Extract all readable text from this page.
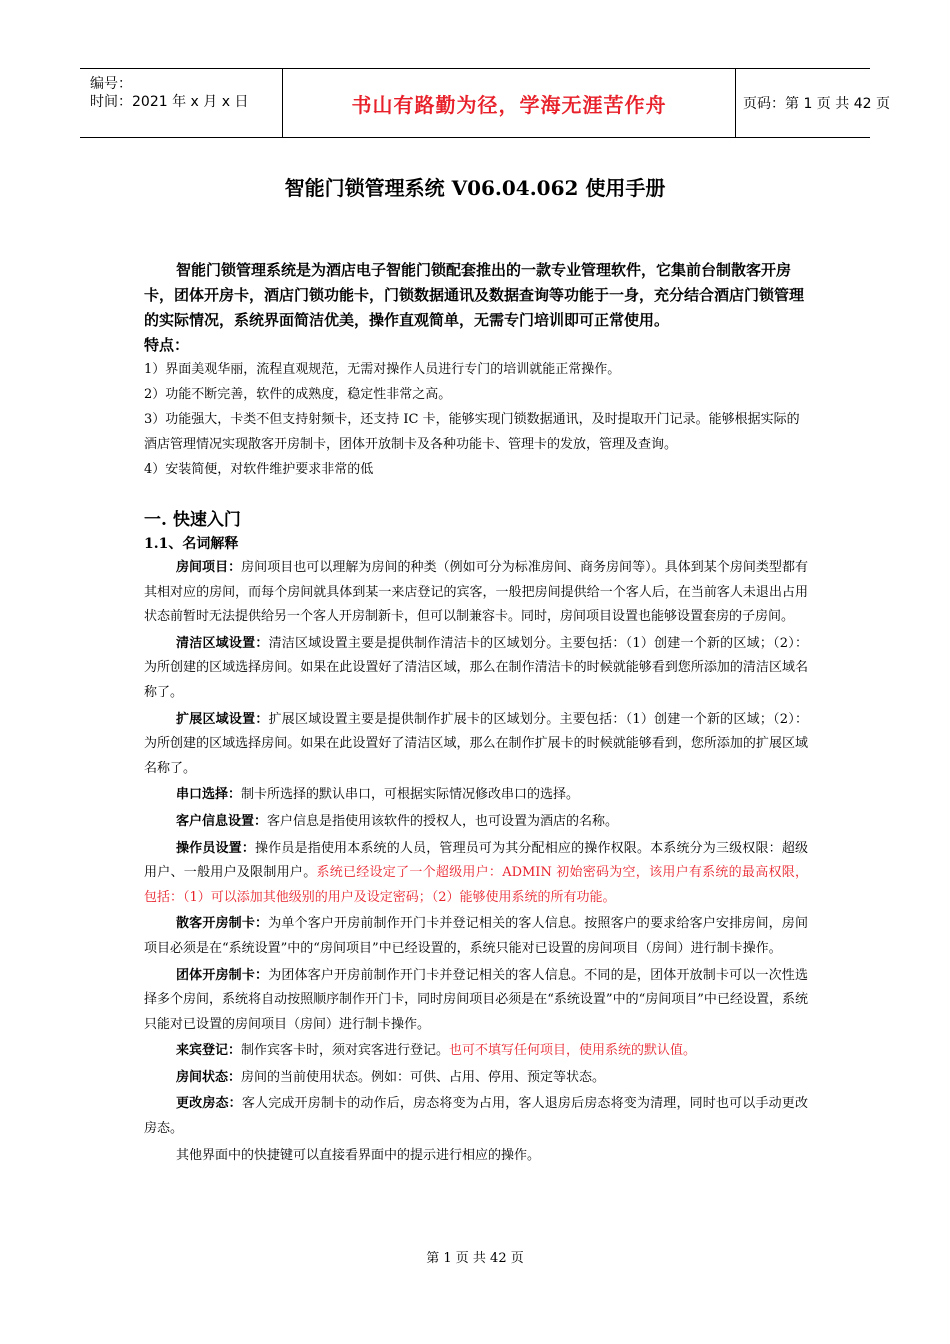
编号：
时间：2021 年 x 月 x 日	书山有路勤为径，学海无涯苦作舟	页码：第 1 页 共 42 页
智能门锁管理系统 V06.04.062 使用手册

智能门锁管理系统是为酒店电子智能门锁配套推出的一款专业管理软件，它集前台制散客开房卡，团体开房卡，酒店门锁功能卡，门锁数据通讯及数据查询等功能于一身，充分结合酒店门锁管理的实际情况，系统界面简洁优美，操作直观简单，无需专门培训即可正常使用。

特点：

1）界面美观华丽，流程直观规范，无需对操作人员进行专门的培训就能正常操作。

2）功能不断完善，软件的成熟度，稳定性非常之高。

3）功能强大，卡类不但支持射频卡，还支持 IC 卡，能够实现门锁数据通讯，及时提取开门记录。能够根据实际的酒店管理情况实现散客开房制卡，团体开放制卡及各种功能卡、管理卡的发放，管理及查询。

4）安装简便，对软件维护要求非常的低

一. 快速入门

1.1、名词解释

房间项目：房间项目也可以理解为房间的种类（例如可分为标准房间、商务房间等）。具体到某个房间类型都有其相对应的房间，而每个房间就具体到某一来店登记的宾客，一般把房间提供给一个客人后，在当前客人未退出占用状态前暂时无法提供给另一个客人开房制新卡，但可以制兼容卡。同时，房间项目设置也能够设置套房的子房间。

清洁区域设置：清洁区域设置主要是提供制作清洁卡的区域划分。主要包括：（1）创建一个新的区域；（2）：为所创建的区域选择房间。如果在此设置好了清洁区域，那么在制作清洁卡的时候就能够看到您所添加的清洁区域名称了。

扩展区域设置：扩展区域设置主要是提供制作扩展卡的区域划分。主要包括：（1）创建一个新的区域；（2）：为所创建的区域选择房间。如果在此设置好了清洁区域，那么在制作扩展卡的时候就能够看到，您所添加的扩展区域名称了。

串口选择：制卡所选择的默认串口，可根据实际情况修改串口的选择。

客户信息设置：客户信息是指使用该软件的授权人，也可设置为酒店的名称。

操作员设置：操作员是指使用本系统的人员，管理员可为其分配相应的操作权限。本系统分为三级权限：超级用户、一般用户及限制用户。系统已经设定了一个超级用户：ADMIN 初始密码为空，该用户有系统的最高权限，包括：（1）可以添加其他级别的用户及设定密码；（2）能够使用系统的所有功能。

散客开房制卡：为单个客户开房前制作开门卡并登记相关的客人信息。按照客户的要求给客户安排房间，房间项目必须是在“系统设置”中的“房间项目”中已经设置的，系统只能对已设置的房间项目（房间）进行制卡操作。

团体开房制卡：为团体客户开房前制作开门卡并登记相关的客人信息。不同的是，团体开放制卡可以一次性选择多个房间，系统将自动按照顺序制作开门卡，同时房间项目必须是在“系统设置”中的“房间项目”中已经设置，系统只能对已设置的房间项目（房间）进行制卡操作。

来宾登记：制作宾客卡时，须对宾客进行登记。也可不填写任何项目，使用系统的默认值。

房间状态：房间的当前使用状态。例如：可供、占用、停用、预定等状态。

更改房态：客人完成开房制卡的动作后，房态将变为占用，客人退房后房态将变为清理，同时也可以手动更改房态。

其他界面中的快捷键可以直接看界面中的提示进行相应的操作。

第 1 页 共 42 页
